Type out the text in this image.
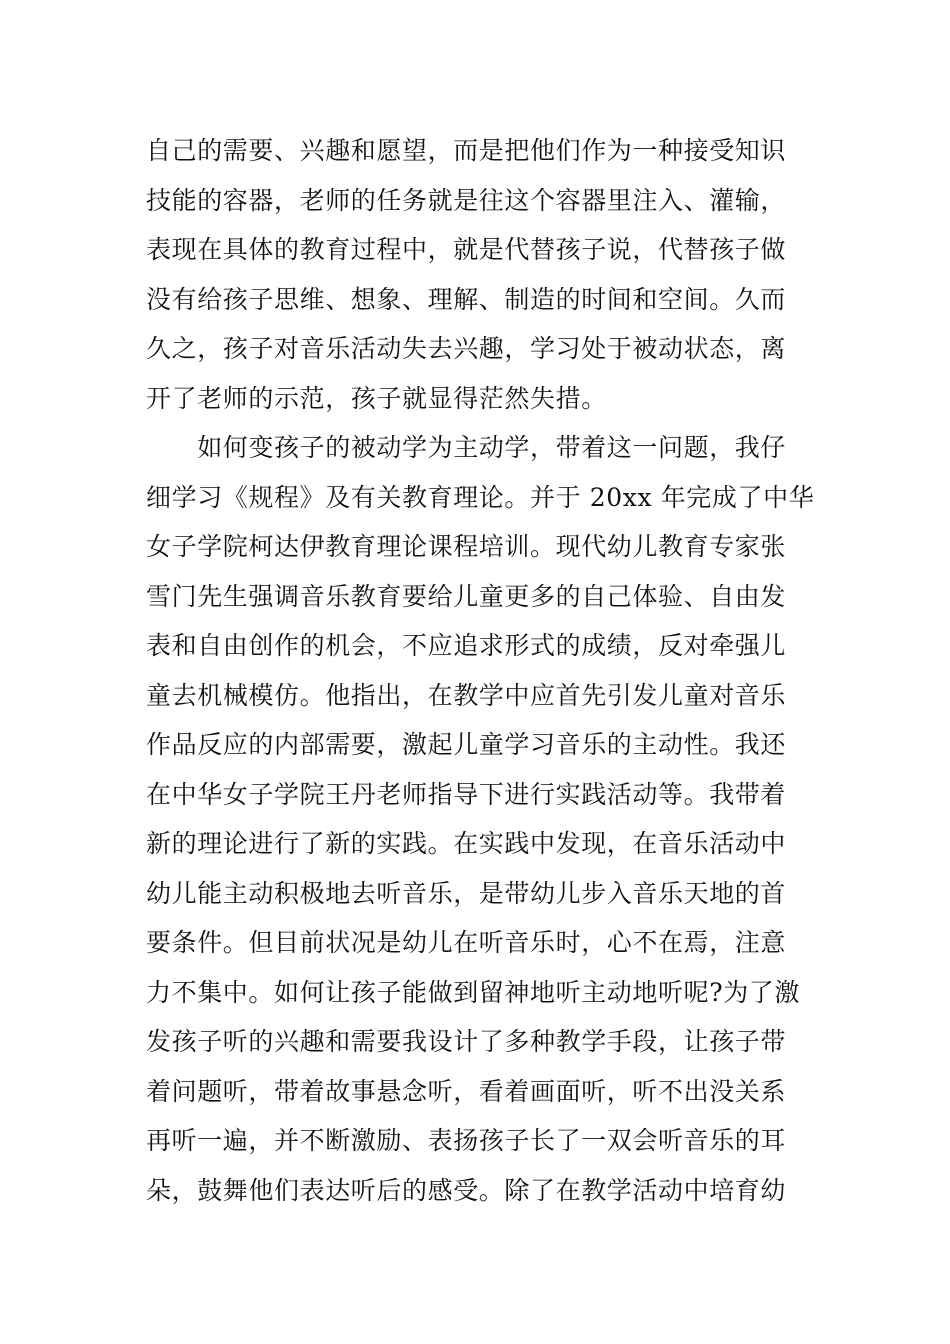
自己的需要、兴趣和愿望，而是把他们作为一种接受知识
技能的容器，老师的任务就是往这个容器里注入、灌输，
表现在具体的教育过程中，就是代替孩子说，代替孩子做
没有给孩子思维、想象、理解、制造的时间和空间。久而
久之，孩子对音乐活动失去兴趣，学习处于被动状态，离
开了老师的示范，孩子就显得茫然失措。
　　如何变孩子的被动学为主动学，带着这一问题，我仔
细学习《规程》及有关教育理论。并于 20xx 年完成了中华
女子学院柯达伊教育理论课程培训。现代幼儿教育专家张
雪门先生强调音乐教育要给儿童更多的自己体验、自由发
表和自由创作的机会，不应追求形式的成绩，反对牵强儿
童去机械模仿。他指出，在教学中应首先引发儿童对音乐
作品反应的内部需要，激起儿童学习音乐的主动性。我还
在中华女子学院王丹老师指导下进行实践活动等。我带着
新的理论进行了新的实践。在实践中发现，在音乐活动中
幼儿能主动积极地去听音乐，是带幼儿步入音乐天地的首
要条件。但目前状况是幼儿在听音乐时，心不在焉，注意
力不集中。如何让孩子能做到留神地听主动地听呢?为了激
发孩子听的兴趣和需要我设计了多种教学手段，让孩子带
着问题听，带着故事悬念听，看着画面听，听不出没关系
再听一遍，并不断激励、表扬孩子长了一双会听音乐的耳
朵，鼓舞他们表达听后的感受。除了在教学活动中培育幼
